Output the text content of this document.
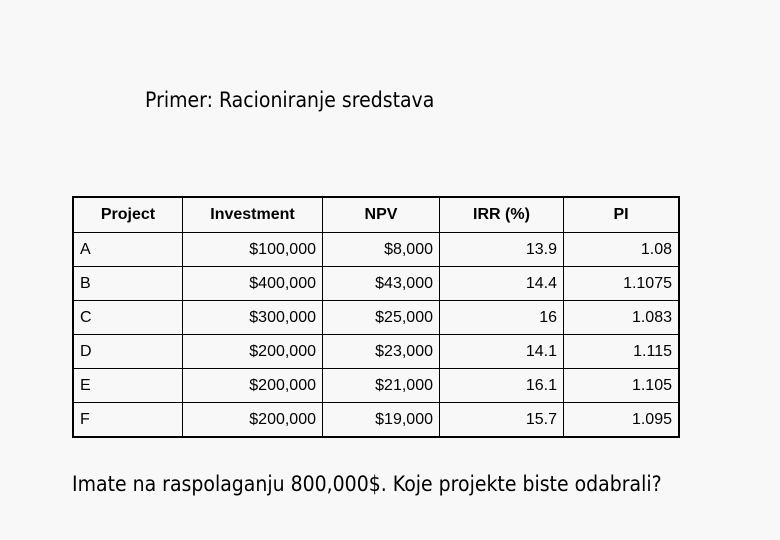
Primer: Racioniranje sredstava
Project	Investment	NPV	IRR (%)	PI
A	$100,000	$8,000	13.9	1.08
B	$400,000	$43,000	14.4	1.1075
C	$300,000	$25,000	16	1.083
D	$200,000	$23,000	14.1	1.115
E	$200,000	$21,000	16.1	1.105
F	$200,000	$19,000	15.7	1.095
Imate na raspolaganju 800,000$. Koje projekte biste odabrali?
